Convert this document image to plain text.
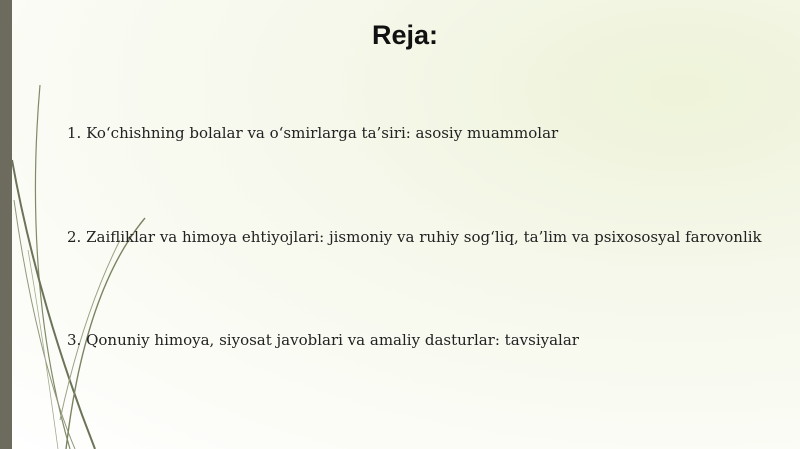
Reja:
1. Ko‘chishning bolalar va o‘smirlarga ta’siri: asosiy muammolar
2. Zaifliklar va himoya ehtiyojlari: jismoniy va ruhiy sog‘liq, ta’lim va psixososyal farovonlik
3. Qonuniy himoya, siyosat javoblari va amaliy dasturlar: tavsiyalar
